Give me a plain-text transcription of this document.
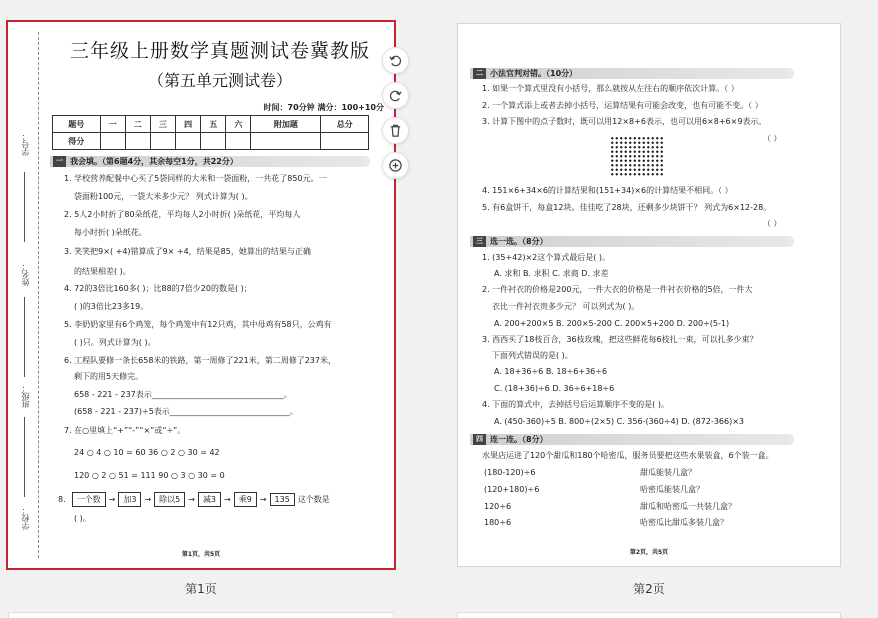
学号：
姓名：
班级：
学校：
三年级上册数学真题测试卷冀教版
（第五单元测试卷）
时间：70分钟 满分：100+10分
题号	一	二	三	四	五	六	附加题	总分
得分								
一 我会填。（第6题4分，其余每空1分，共22分）
1. 学校营养配餐中心买了5袋同样的大米和一袋面粉，一共花了850元。一
袋面粉100元，一袋大米多少元？ 列式计算为( )。
2. 5人2小时折了80朵纸花，平均每人2小时折( )朵纸花，平均每人
每小时折( )朵纸花。
3. 笑笑把9×( +4)错算成了9× +4，结果是85，她算出的结果与正确
的结果相差( )。
4. 72的3倍比160多( )；比88的7倍少20的数是( )；
( )的3倍比23多19。
5. 李奶奶家里有6个鸡笼，每个鸡笼中有12只鸡，其中母鸡有58只，公鸡有
( )只。列式计算为( )。
6. 工程队要修一条长658米的铁路，第一周修了221米，第二周修了237米，
剩下的用5天修完。
658 - 221 - 237表示_________________________________。
(658 - 221 - 237)÷5表示______________________________。
7. 在○里填上“+”“-”“×”或“÷”。
24 ○ 4 ○ 10 = 60 36 ○ 2 ○ 30 = 42
120 ○ 2 ○ 51 = 111 90 ○ 3 ○ 30 = 0
8.	一个数	→	加3	→	除以5	→	减3	→	乘9	→	135	这个数是
( )。
第1页，共5页
二 小法官判对错。（10分）
1. 如果一个算式里没有小括号，那么就按从左往右的顺序依次计算。（ ）
2. 一个算式添上或者去掉小括号，运算结果有可能会改变，也有可能不变。（ ）
3. 计算下图中的点子数时，既可以用12×8+6表示，也可以用6×8+6×9表示。
（ ）
4. 151×6+34×6的计算结果和(151+34)×6的计算结果不相同。（ ）
5. 有6盒饼干，每盒12块。佳佳吃了28块，还剩多少块饼干？ 列式为6×12-28。
（ ）
三 选一选。（8分）
1. (35+42)×2这个算式最后是( )。
A. 求和 B. 求积 C. 求商 D. 求差
2. 一件衬衣的价格是200元，一件大衣的价格是一件衬衣价格的5倍，一件大
衣比一件衬衣贵多少元？ 可以列式为( )。
A. 200+200×5 B. 200×5-200 C. 200×5+200 D. 200÷(5-1)
3. 西西买了18枝百合，36枝玫瑰，把这些鲜花每6枝扎一束，可以扎多少束？
下面列式错误的是( )。
A. 18+36÷6 B. 18÷6+36÷6
C. (18+36)÷6 D. 36÷6+18÷6
4. 下面的算式中，去掉括号后运算顺序不变的是( )。
A. (450-360)÷5 B. 800÷(2×5) C. 356-(360÷4) D. (872-366)×3
四 连一连。（8分）
水果店运进了120个甜瓜和180个哈密瓜，服务员要把这些水果装盒，6个装一盒。
(180-120)÷6
(120+180)÷6
120÷6
180÷6
甜瓜能装几盒？
哈密瓜能装几盒？
甜瓜和哈密瓜一共装几盒？
哈密瓜比甜瓜多装几盒？
第2页，共5页
第1页	第2页
